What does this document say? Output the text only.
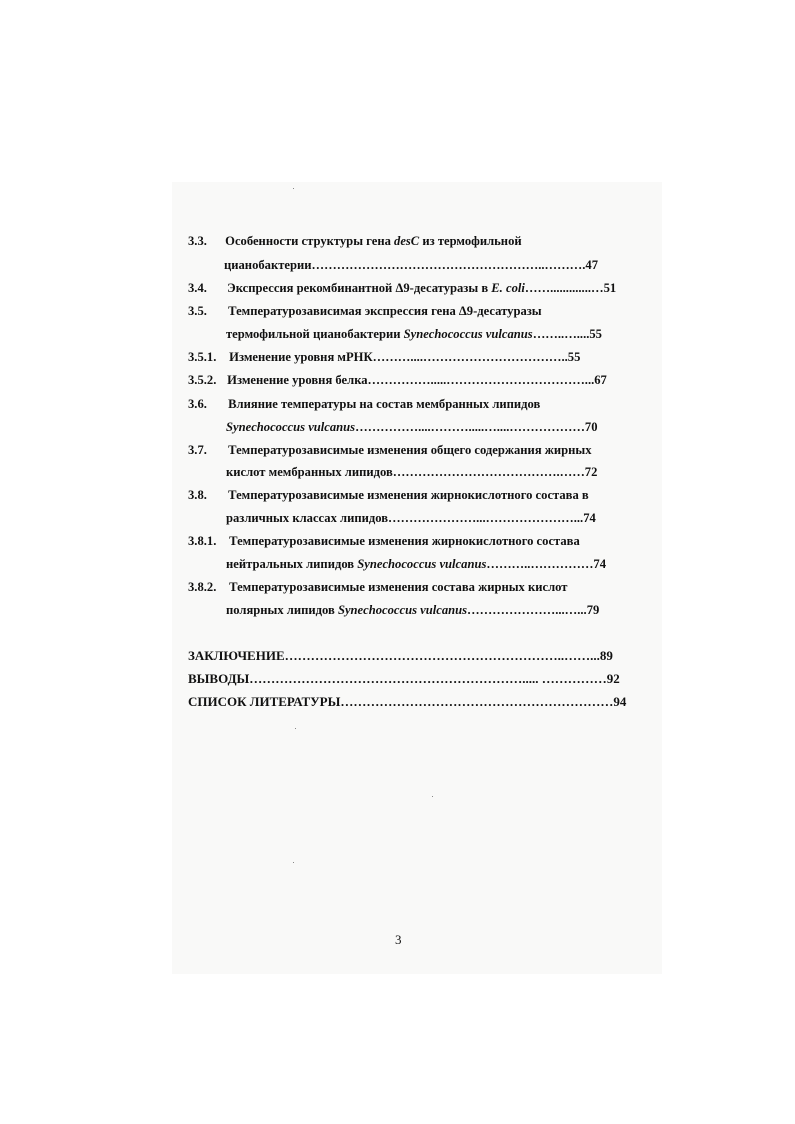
3.3. Особенности структуры гена desC из термофильной
цианобактерии………………………………………………..……….47
3.4. Экспрессия рекомбинантной Δ9-десатуразы в E. coli…….............…51
3.5. Температурозависимая экспрессия гена Δ9-десатуразы
термофильной цианобактерии Synechococcus vulcanus……..…....55
3.5.1. Изменение уровня мРНК………....……………………………..55
3.5.2. Изменение уровня белка…………….....……………………………...67
3.6. Влияние температуры на состав мембранных липидов
Synechococcus vulcanus……………....……….....…....………………70
3.7. Температурозависимые изменения общего содержания жирных
кислот мембранных липидов………………………………….……72
3.8. Температурозависимые изменения жирнокислотного состава в
различных классах липидов…………………...…………………...74
3.8.1. Температурозависимые изменения жирнокислотного состава
нейтральных липидов Synechococcus vulcanus………..……………74
3.8.2. Температурозависимые изменения состава жирных кислот
полярных липидов Synechococcus vulcanus…………………...…...79
ЗАКЛЮЧЕНИЕ………………………………………………………..……...89
ВЫВОДЫ………………………………………………………..... ……………92
СПИСОК ЛИТЕРАТУРЫ………………………………………………………94
3
